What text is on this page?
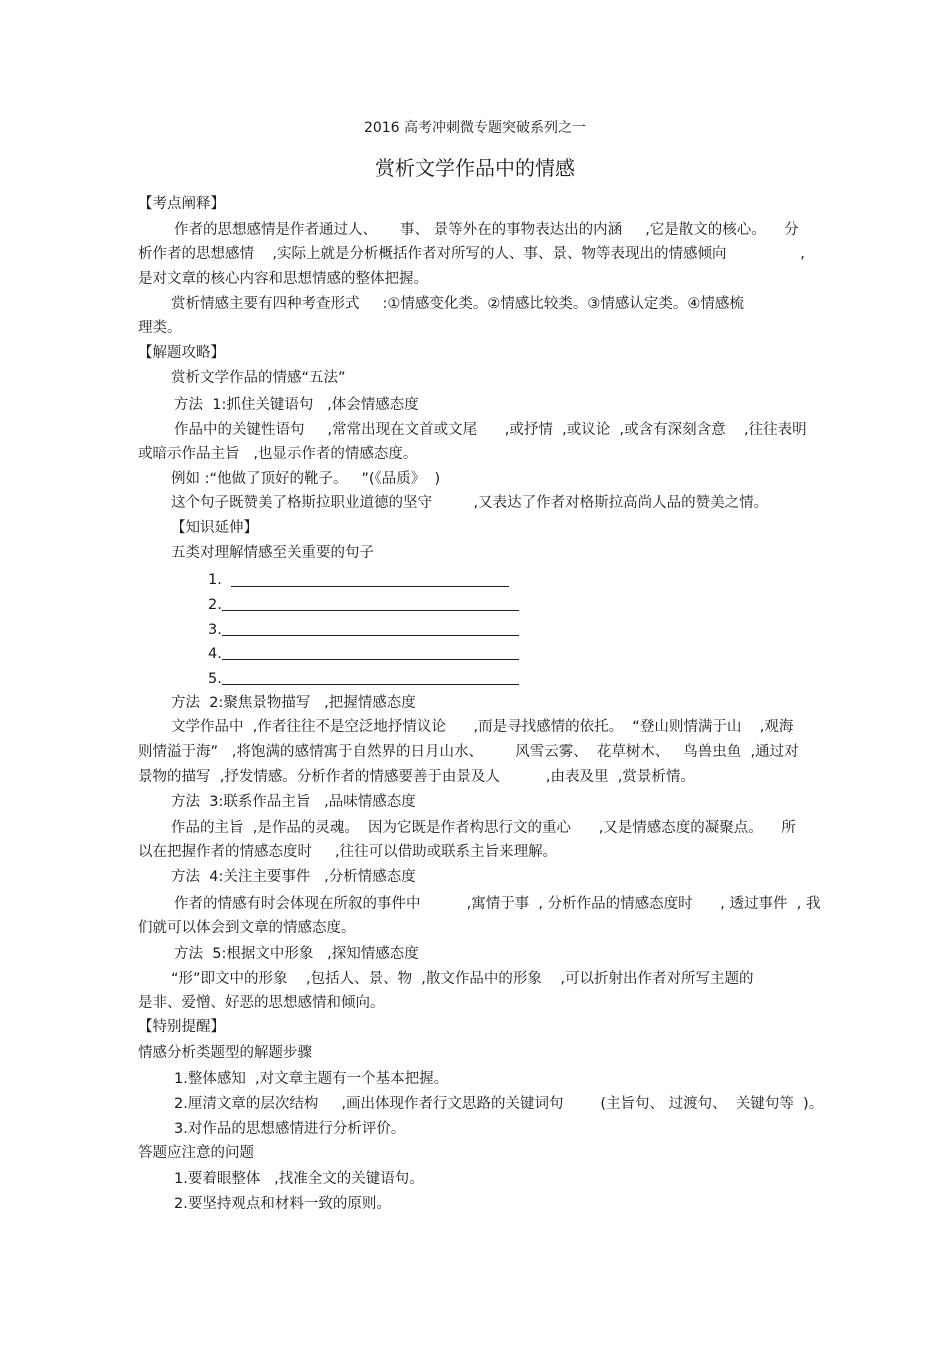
2016 高考冲刺微专题突破系列之一

赏析文学作品中的情感

【考点阐释】

作者的思想感情是作者通过人、     事、 景等外在的事物表达出的内涵     ,它是散文的核心。    分

析作者的思想感情    ,实际上就是分析概括作者对所写的人、事、景、物等表现出的情感倾向                ,

是对文章的核心内容和思想情感的整体把握。

赏析情感主要有四种考查形式     :①情感变化类。②情感比较类。③情感认定类。④情感梳

理类。

【解题攻略】

赏析文学作品的情感“五法”

方法  1:抓住关键语句   ,体会情感态度

作品中的关键性语句     ,常常出现在文首或文尾      ,或抒情  ,或议论  ,或含有深刻含意    ,往往表明

或暗示作品主旨   ,也显示作者的情感态度。

例如 :“他做了顶好的靴子。   ”(《品质》  )

这个句子既赞美了格斯拉职业道德的坚守         ,又表达了作者对格斯拉高尚人品的赞美之情。

【知识延伸】

五类对理解情感至关重要的句子

1.
2.
3.
4.
5.

方法  2:聚焦景物描写   ,把握情感态度

文学作品中  ,作者往往不是空泛地抒情议论      ,而是寻找感情的依托。  “登山则情满于山    ,观海

则情溢于海”   ,将饱满的感情寓于自然界的日月山水、       风雪云雾、  花草树木、   鸟兽虫鱼  ,通过对

景物的描写  ,抒发情感。分析作者的情感要善于由景及人          ,由表及里  ,赏景析情。

方法  3:联系作品主旨   ,品味情感态度

作品的主旨  ,是作品的灵魂。  因为它既是作者构思行文的重心      ,又是情感态度的凝聚点。    所

以在把握作者的情感态度时     ,往往可以借助或联系主旨来理解。

方法  4:关注主要事件   ,分析情感态度

作者的情感有时会体现在所叙的事件中          ,寓情于事  , 分析作品的情感态度时      , 透过事件  , 我

们就可以体会到文章的情感态度。

方法  5:根据文中形象   ,探知情感态度

“形”即文中的形象    ,包括人、景、物  ,散文作品中的形象    ,可以折射出作者对所写主题的

是非、爱憎、好恶的思想感情和倾向。

【特别提醒】

情感分析类题型的解题步骤

1.整体感知  ,对文章主题有一个基本把握。

2.厘清文章的层次结构     ,画出体现作者行文思路的关键词句        (主旨句、 过渡句、  关键句等  )。

3.对作品的思想感情进行分析评价。

答题应注意的问题

1.要着眼整体   ,找准全文的关键语句。

2.要坚持观点和材料一致的原则。
